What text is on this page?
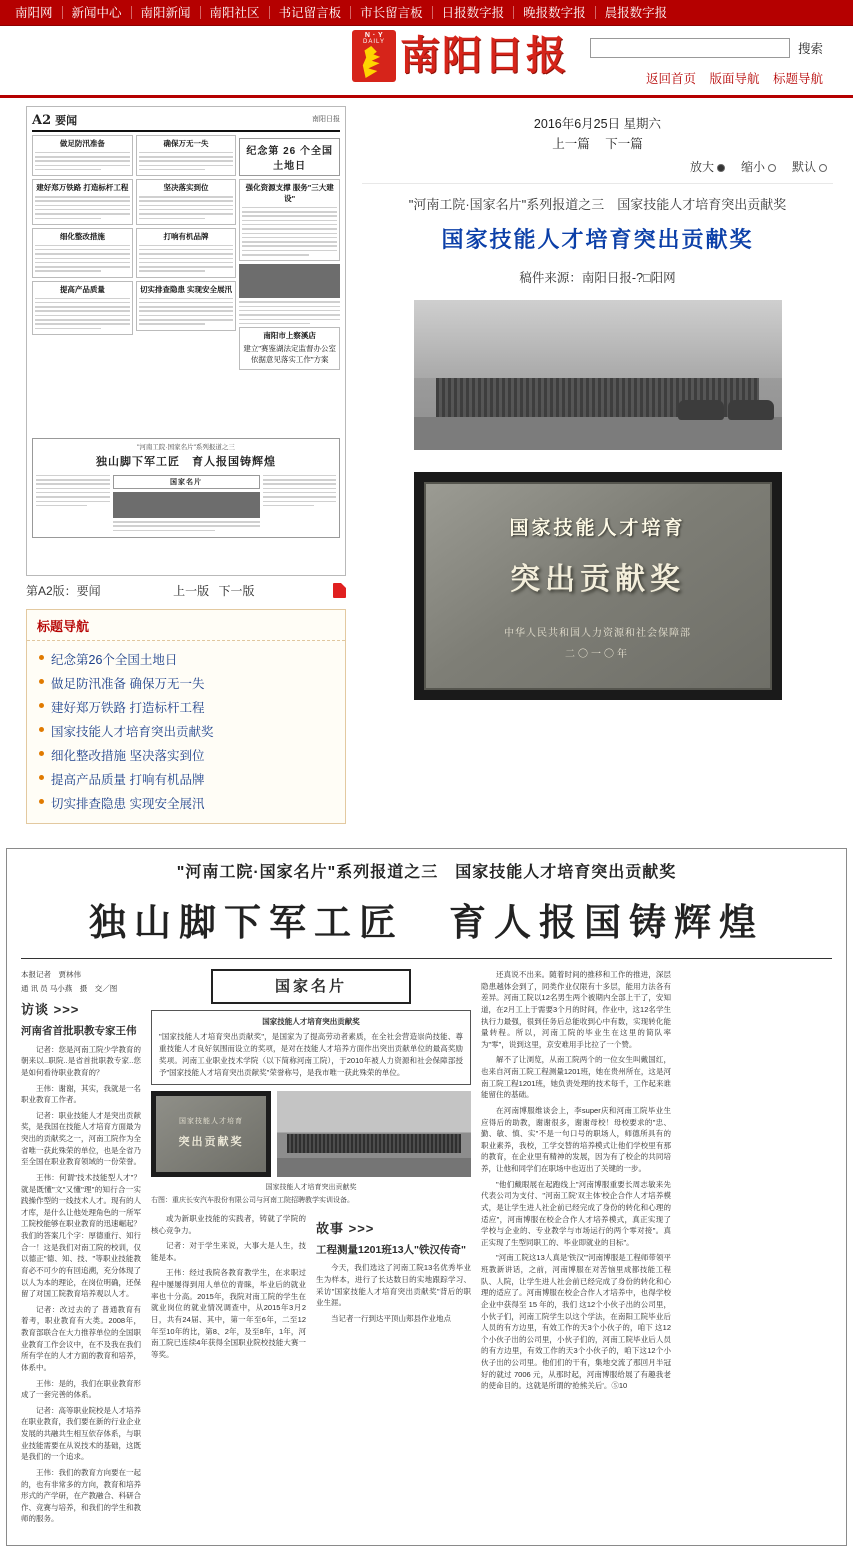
南阳网	新闻中心	南阳新闻	南阳社区	书记留言板	市长留言板	日报数字报	晚报数字报	晨报数字报
N · Y
DAILY 南阳日报	搜索
返回首页 版面导航 标题导航
A2 要闻	南阳日报
做足防汛准备
建好郑万铁路 打造标杆工程
细化整改措施
提高产品质量
确保万无一失
坚决落实到位
打响有机品牌
切实排查隐患 实现安全展汛
纪念第 26 个全国土地日
强化资源支撑 服务"三大建设"
南阳市上察溪店
建立"赛鉴湖法定监督办公室依据意见落实工作"方案
"河南工院·国家名片"系列报道之三
独山脚下军工匠　育人报国铸辉煌
国家名片
第A2版：要闻	上一版 下一版
标题导航
纪念第26个全国土地日
做足防汛准备 确保万无一失
建好郑万铁路 打造标杆工程
国家技能人才培育突出贡献奖
细化整改措施 坚决落实到位
提高产品质量 打响有机品牌
切实排查隐患 实现安全展汛
2016年6月25日 星期六
上一篇 下一篇
放大	缩小	默认
"河南工院·国家名片"系列报道之三　国家技能人才培育突出贡献奖
国家技能人才培育突出贡献奖
稿件来源：南阳日报-?□阳网
国家技能人才培育
突出贡献奖
中华人民共和国人力资源和社会保障部
二〇一〇年
"河南工院·国家名片"系列报道之三　国家技能人才培育突出贡献奖
独山脚下军工匠　育人报国铸辉煌
本报记者　贾林伟
通 讯 员 马小燕　摄　交／图
访谈 >>>
河南省首批职教专家王伟

记者：您是河南工院少学教育的朝来以..职院..是省首批职教专家..您是如何看待职业教育的？

王伟：谢谢，其实，我就是一名职业教育工作者。

记者：职业技能人才是突出贡献奖，是我国在技能人才培育方面最为突出的贡献奖之一，河南工院作为全省唯一获此殊荣的单位，也是全省乃至全国在职业教育领域的一份荣誉。

王伟：何谓"技术技能型人才"？就是既懂"文"又懂"理"的知行合一实践操作型的一线技术人才。现有的人才库，是什么让他处理角色的一所军工院校能够在职业教育的迅速崛起？我们的答案几个字：厚德重行、知行合一！这是我们对南工院的校训，仅以德正"德、知、技、"等职业技能教育必不可少的有回追溯，充分体现了以人为本的理论，在岗位明确，还保留了对国工院教育培养观以人才。

记者：改过去的了 普通教育有着考，职业教育有大类。2008年，教育部联合在大力推荐单位的全国职业教育工作会议中，在不及我在我们所有学在的人才方面的教育和培养，体系中。

王伟：是的，我们在职业教育形成了一套完善的体系。

记者：高等职业院校是人才培养在职业教育，我们要在新的行业企业发展的共融共生相互依存体系，与职业技能需要在从说技术的基础，这既是我们的一个追求。

王伟：我们的教育方向要在一起的，也有非常多的方向，教育和培养形式的产学研，在产教融合、科研合作、竞赛与培养，和我们的学生和教师的服务。

国家名片
国家技能人才培育突出贡献奖
"国家技能人才培育突出贡献奖"，是国家为了提高劳动者素质，在全社会营造崇尚技能、尊重技能人才良好氛围而设立的奖项，是对在技能人才培养方面作出突出贡献单位的最高奖励奖项。河南工业职业技术学院（以下简称河南工院），于2010年被人力资源和社会保障部授予"国家技能人才培育突出贡献奖"荣誉称号，是我市唯一获此殊荣的单位。
国家技能人才培育
突出贡献奖
国家技能人才培育突出贡献奖
右图：重庆长安汽车股份有限公司与河南工院招聘教学实训设备。

或为新职业技能的实践者，铸就了学院的核心竞争力。

记者：对于学生来说，大事大是人生，技能是本。

王伟：经过我院各教育教学生，在求职过程中屡屡得到用人单位的青睐，毕业后的就业率也十分高。2015年，我院对南工院的学生在就业岗位的就业情况调查中，从2015年3月2日，共有24届、其中，第一年至6年，二至12年至10年的比，第8、2年，及至8年，1年，河南工院已连续4年获得全国职业院校技能大赛一等奖。

故事 >>>
工程测量1201班13人"铁汉传奇"

今天，我们选这了河南工院13名优秀毕业生为样本，进行了长达数日的实地跟踪学习、采访"国家技能人才培育突出贡献奖"背后的职业生涯。

当记者一行到达平顶山郏县作业地点

还真说不出来。随着时间的推移和工作的推进，深层隐患越体会到了，同类作业仅限有十多层，能用力法各有差异。河南工院以12名男生两个被期内全部上干了，安知道，在2月工上于需要3个月的时间，作业中，这12名学生执行力最强，很到任务后总能收到心中有数，实现转化能量转程。所以，河南工院的毕业生在这里的简队率为"零"，说到这里，京安难用手比拉了一个赞。

解不了让浏览，从南工院两个的一位女生叫戴国红，也来自河南工院工程测量1201班，她在贵州所在，这是河南工院工程1201班，她负责处理的技术每千，工作起来谁能留住的基础。

在河南博服维谈会上，李super庆和河南工院毕业生应得后的助教，谢谢很多，谢谢母校！母校要求的"忠、勤、敏、慎、实"不是一句口号的职场人，师德所具有的职业素养，我校，工学交替的培养模式让他们学校里有那的教育，在企业里有精神的发展，因为有了校企的共同培养，让他和同学们在职场中也迈出了关键的一步。

"他们戴眼展在起跑线上"河南博服重要长周志敏来先代表公司为支付、"河南工院'双主体'校企合作人才培养模式，是让学生进人社企前已经完成了身份的转化和心理的适应"，河南博服在校企合作人才培养模式，真正实现了学校与企业的、专业教学与市场运行的两个零对接"。真正实现了生型同职工的、毕业即就业的目标"。

"河南工院这13人真是'铁汉'"河南博服是工程师带领平班教新讲话，之前，河南博服在对苦恼里成都技能工程队、人院，让学生进人社会前已经完成了身份的转化和心理的适应了。河南博服在校企合作人才培养中，也得学校企业中获得至 15 年的，我们 这12个小伙子出的公司里，小伙子们，河南工院学生以这个学法，在南阳工院毕业后人员的有方边里，有效工作的天3个小伙子的，咱下 这12个小伙子出的公司里，小伙子们的，河南工院毕业后人员的有方边里，有效工作的天3个小伙子的，咱下这12个小伙子出的公司里。他们们的干有，集地交流了那回月半冠好的就过 7006 元，从那时起，河南博服给展了有趣我老的使命目的。这就是所谓的'抢熊关后'。⑤10
